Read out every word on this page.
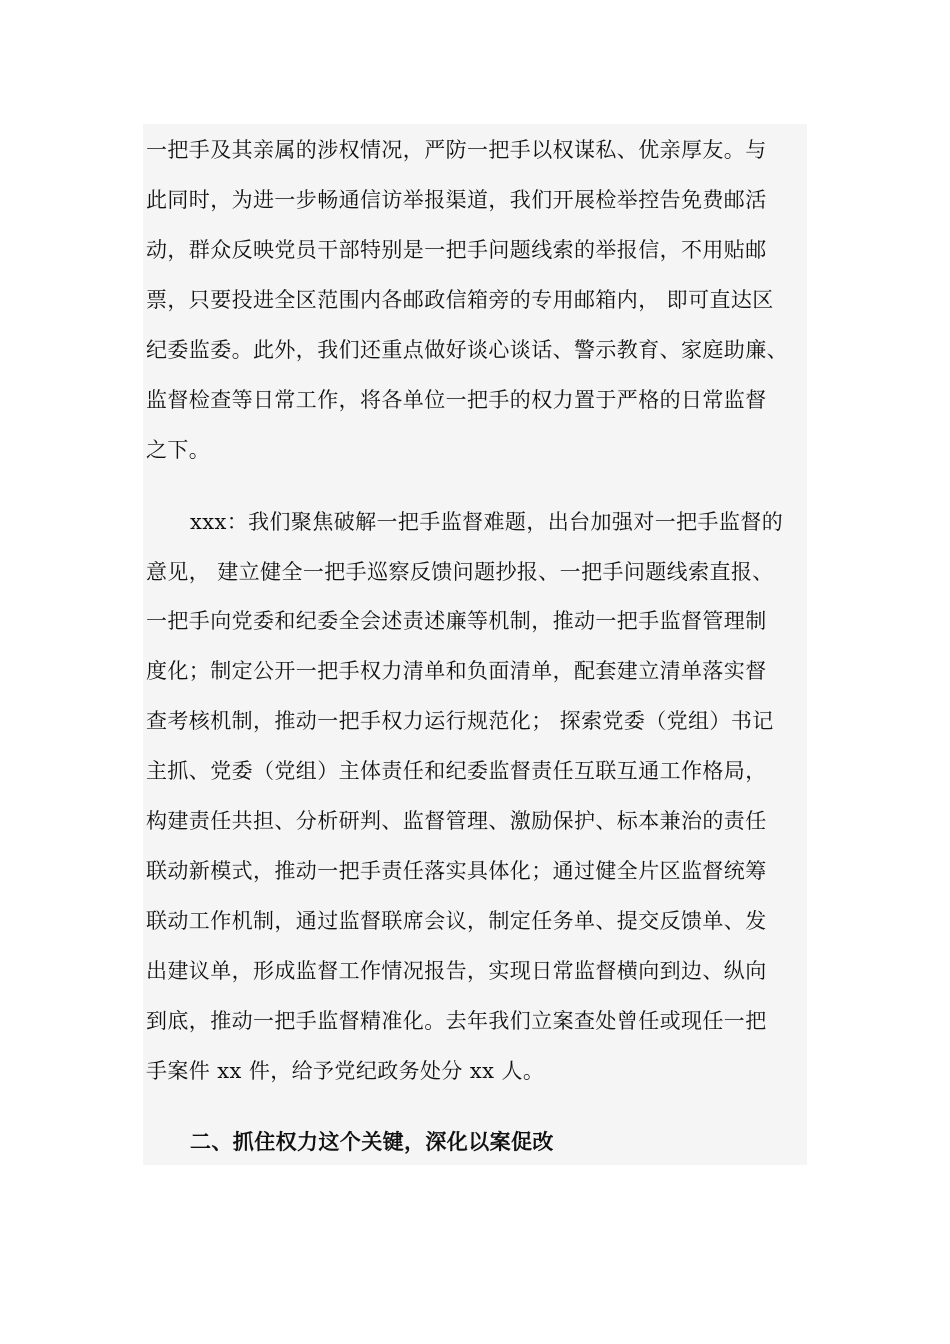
一把手及其亲属的涉权情况，严防一把手以权谋私、优亲厚友。与
此同时，为进一步畅通信访举报渠道，我们开展检举控告免费邮活
动，群众反映党员干部特别是一把手问题线索的举报信，不用贴邮
票，只要投进全区范围内各邮政信箱旁的专用邮箱内， 即可直达区
纪委监委。此外，我们还重点做好谈心谈话、警示教育、家庭助廉、
监督检查等日常工作，将各单位一把手的权力置于严格的日常监督
之下。
xxx：我们聚焦破解一把手监督难题，出台加强对一把手监督的
意见， 建立健全一把手巡察反馈问题抄报、一把手问题线索直报、
一把手向党委和纪委全会述责述廉等机制，推动一把手监督管理制
度化；制定公开一把手权力清单和负面清单，配套建立清单落实督
查考核机制，推动一把手权力运行规范化； 探索党委（党组）书记
主抓、党委（党组）主体责任和纪委监督责任互联互通工作格局，
构建责任共担、分析研判、监督管理、激励保护、标本兼治的责任
联动新模式，推动一把手责任落实具体化；通过健全片区监督统筹
联动工作机制，通过监督联席会议，制定任务单、提交反馈单、发
出建议单，形成监督工作情况报告，实现日常监督横向到边、纵向
到底，推动一把手监督精准化。去年我们立案查处曾任或现任一把
手案件 xx 件，给予党纪政务处分 xx 人。
二、抓住权力这个关键，深化以案促改
